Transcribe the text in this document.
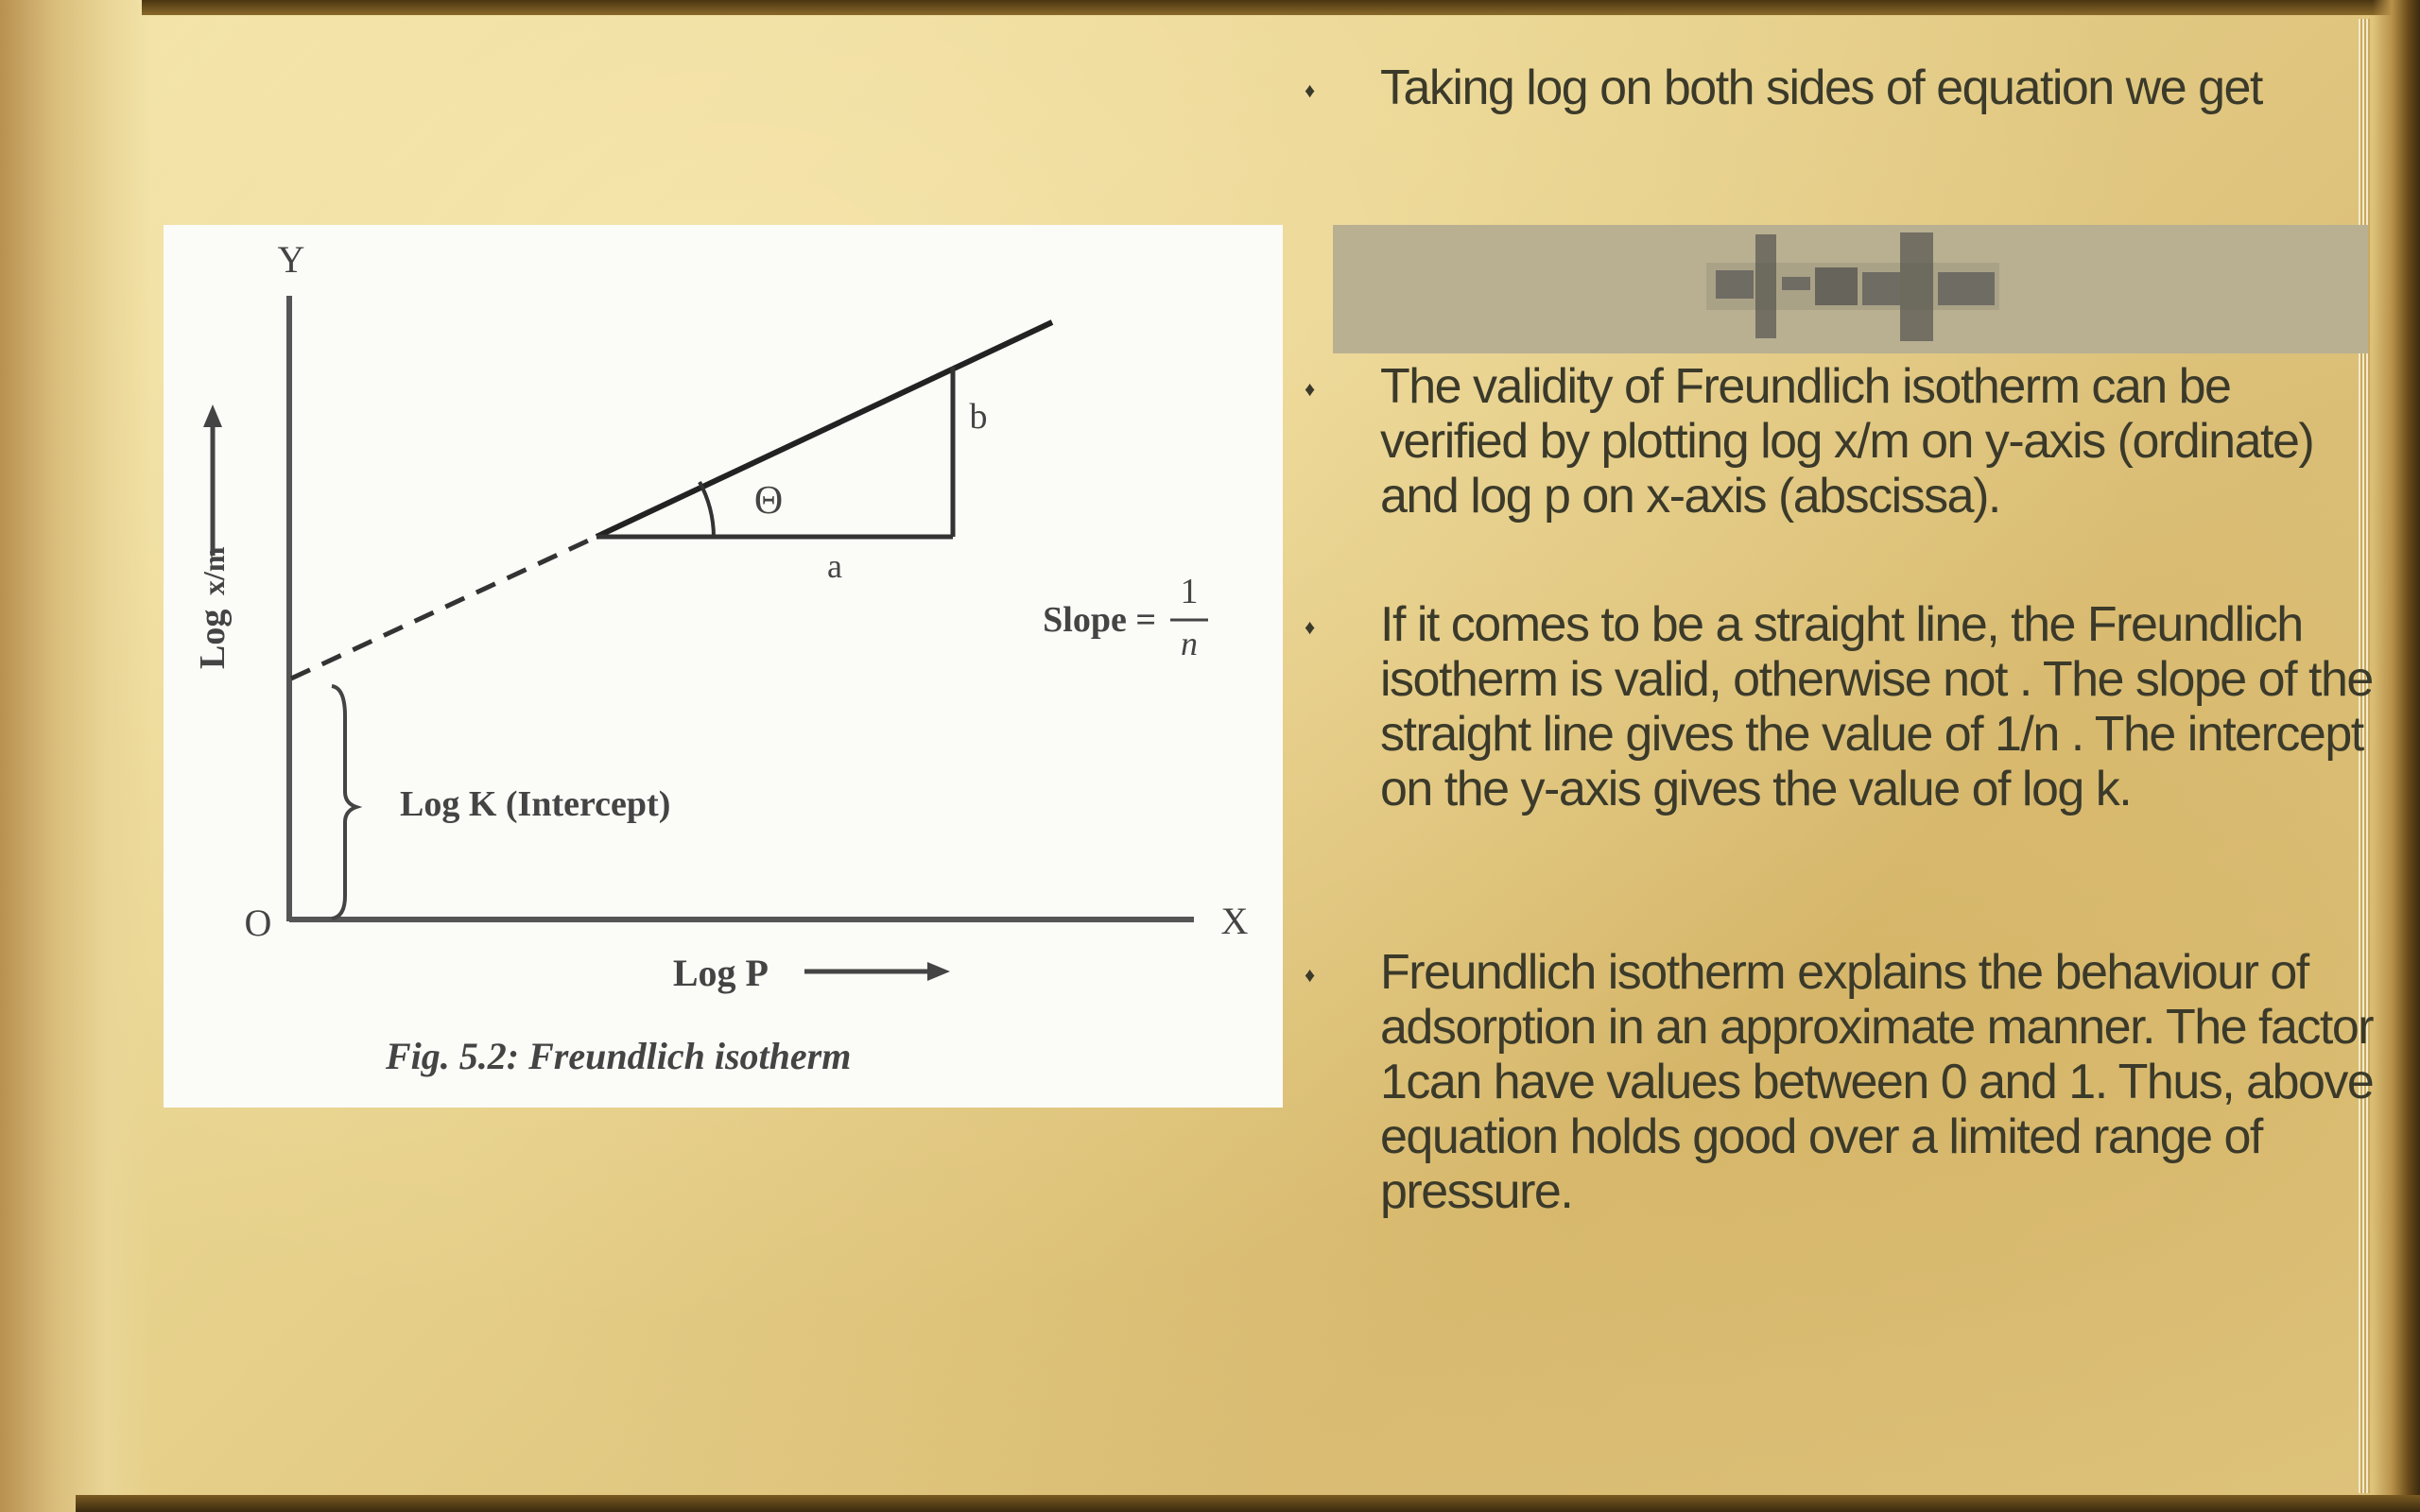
Y
X
O
Log
x/m
Log P
Θ
a
b
Slope =
1
n
Log K (Intercept)
Fig. 5.2: Freundlich isotherm
♦ Taking log on both sides of equation we get
♦ The validity of Freundlich isotherm can be verified by plotting log x/m on y-axis (ordinate) and log p on x-axis (abscissa).
♦ If it comes to be a straight line, the Freundlich isotherm is valid, otherwise not . The slope of the straight line gives the value of 1/n . The intercept on the y-axis gives the value of log k.
♦ Freundlich isotherm explains the behaviour of adsorption in an approximate manner. The factor 1can have values between 0 and 1. Thus, above equation holds good over a limited range of pressure.
